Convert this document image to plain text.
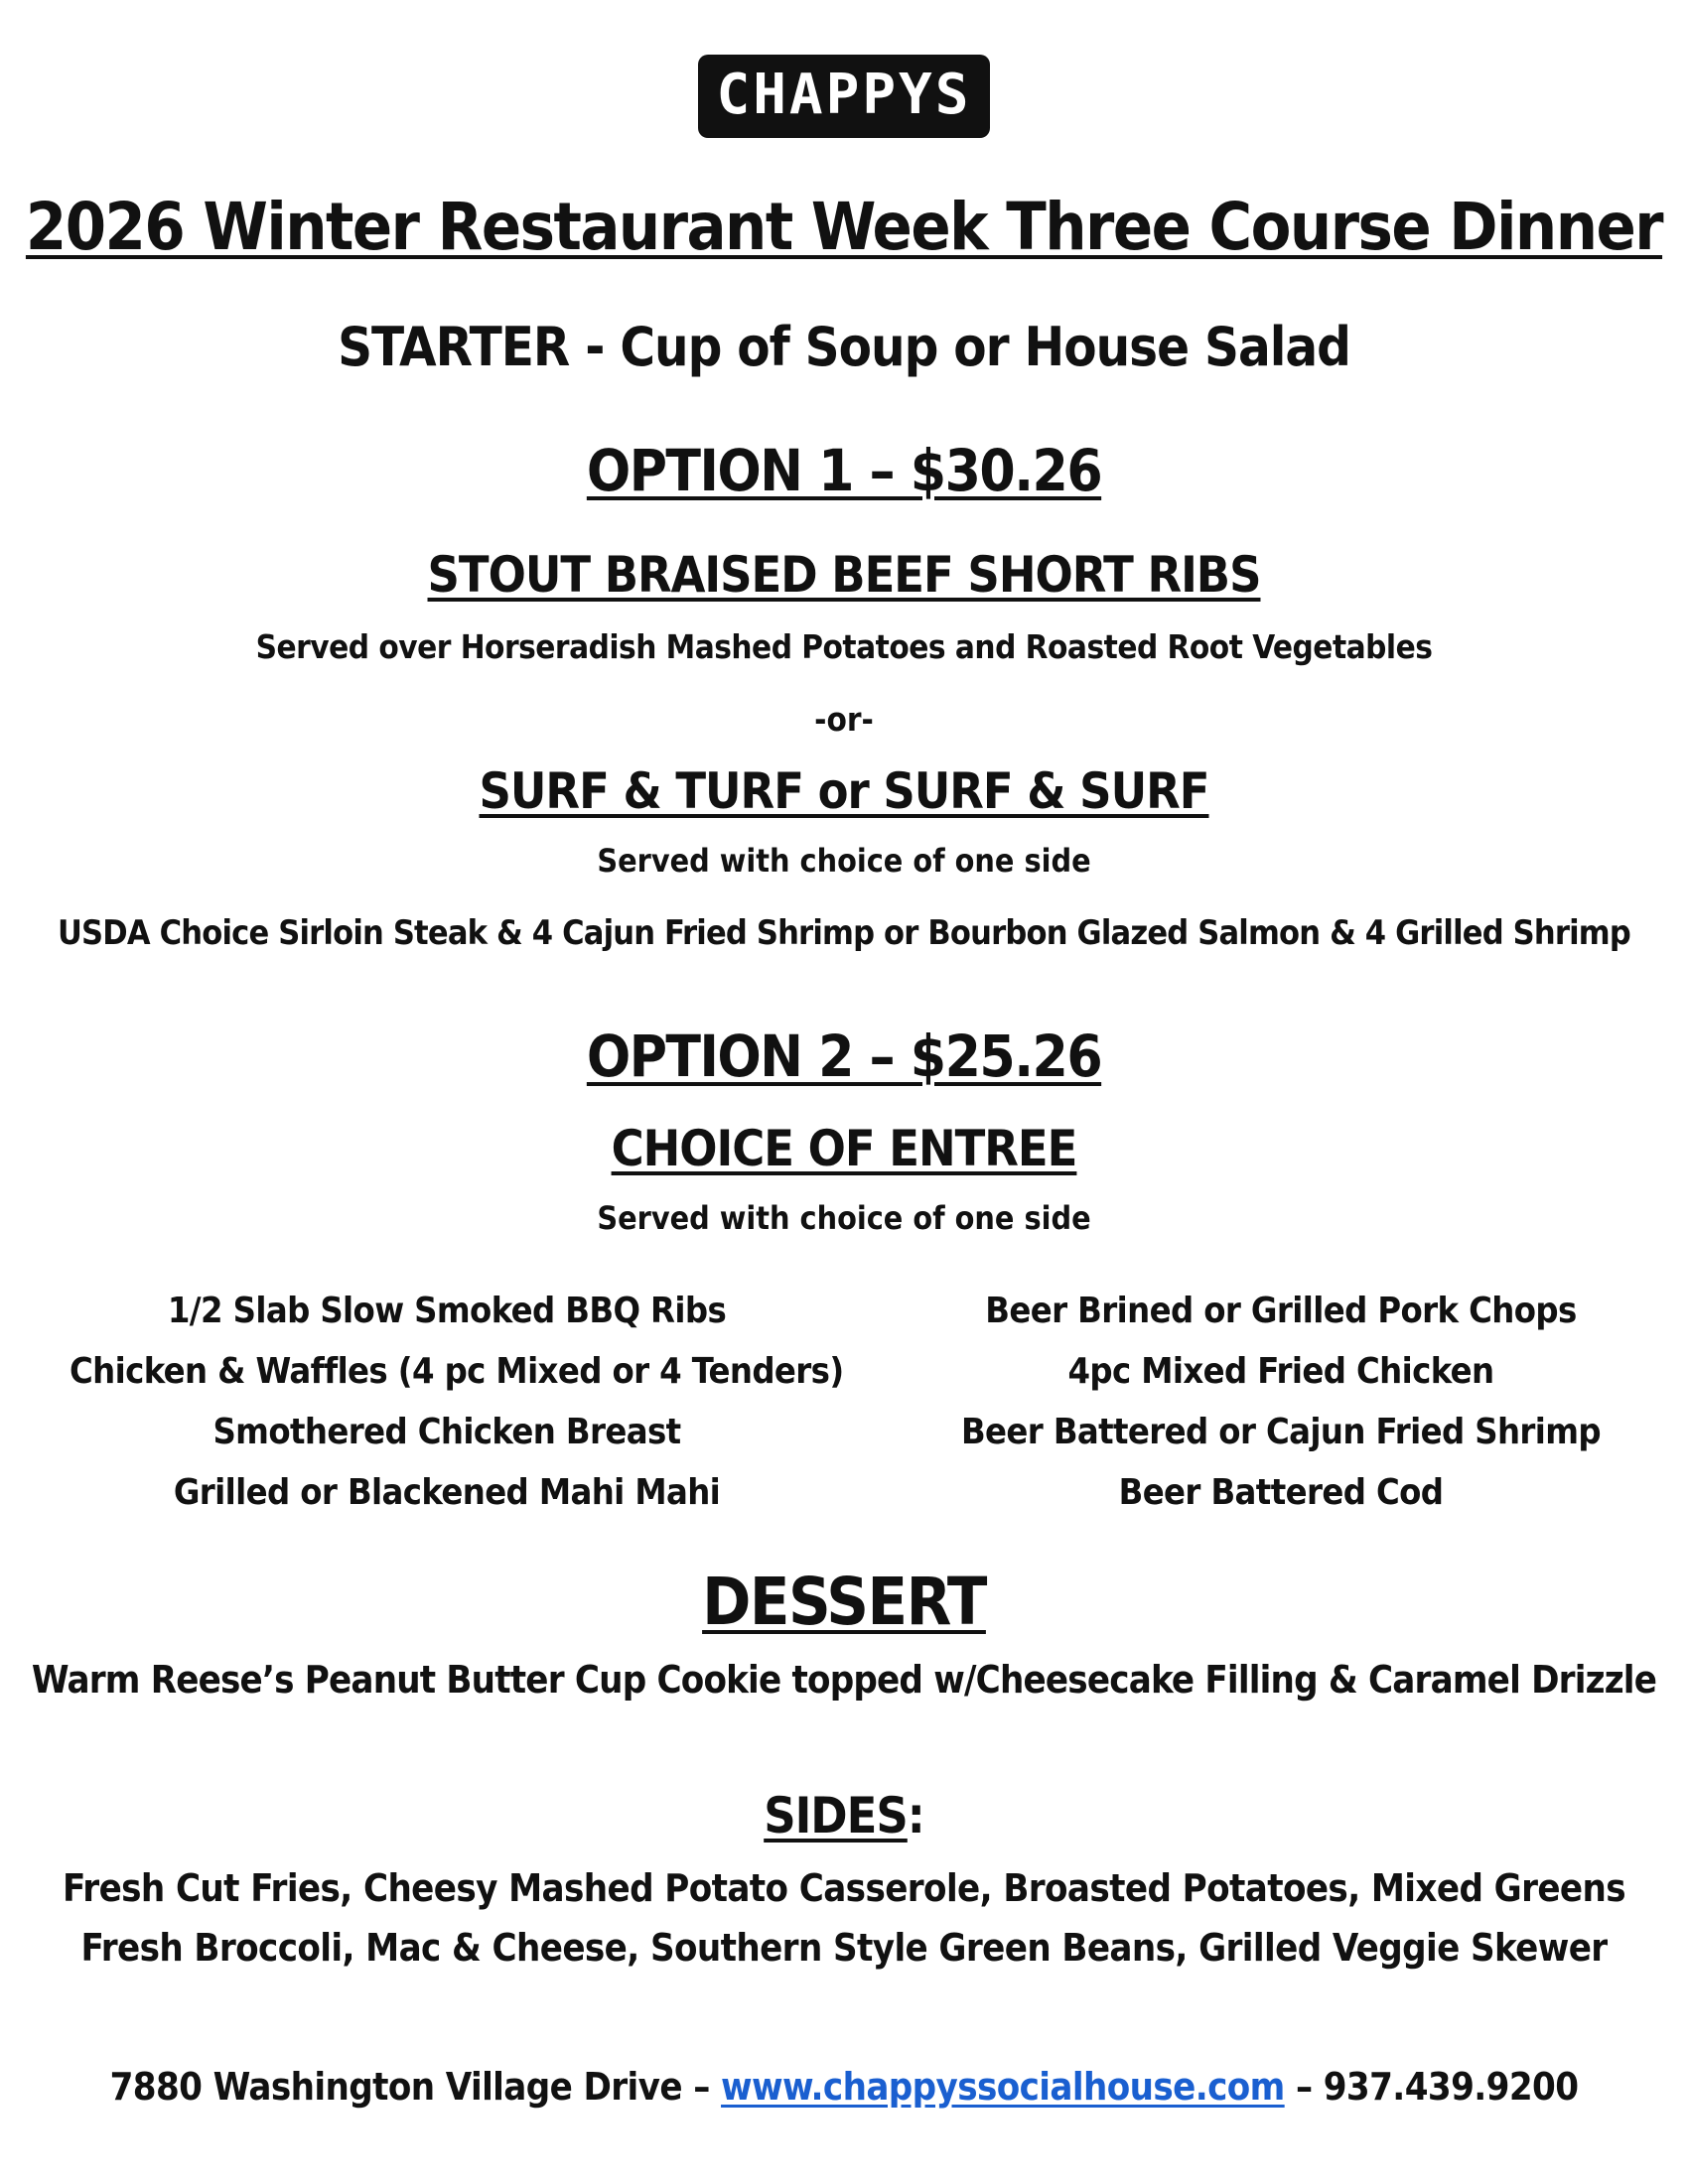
CHAPPYS
2026 Winter Restaurant Week Three Course Dinner
STARTER - Cup of Soup or House Salad
OPTION 1 – $30.26
STOUT BRAISED BEEF SHORT RIBS
Served over Horseradish Mashed Potatoes and Roasted Root Vegetables
-or-
SURF & TURF or SURF & SURF
Served with choice of one side
USDA Choice Sirloin Steak & 4 Cajun Fried Shrimp or Bourbon Glazed Salmon & 4 Grilled Shrimp
OPTION 2 – $25.26
CHOICE OF ENTREE
Served with choice of one side
1/2 Slab Slow Smoked BBQ Ribs
Chicken & Waffles (4 pc Mixed or 4 Tenders)
Smothered Chicken Breast
Grilled or Blackened Mahi Mahi
Beer Brined or Grilled Pork Chops
4pc Mixed Fried Chicken
Beer Battered or Cajun Fried Shrimp
Beer Battered Cod
DESSERT
Warm Reese’s Peanut Butter Cup Cookie topped w/Cheesecake Filling & Caramel Drizzle
SIDES:
Fresh Cut Fries, Cheesy Mashed Potato Casserole, Broasted Potatoes, Mixed Greens
Fresh Broccoli, Mac & Cheese, Southern Style Green Beans, Grilled Veggie Skewer
7880 Washington Village Drive – www.chappyssocialhouse.com – 937.439.9200
